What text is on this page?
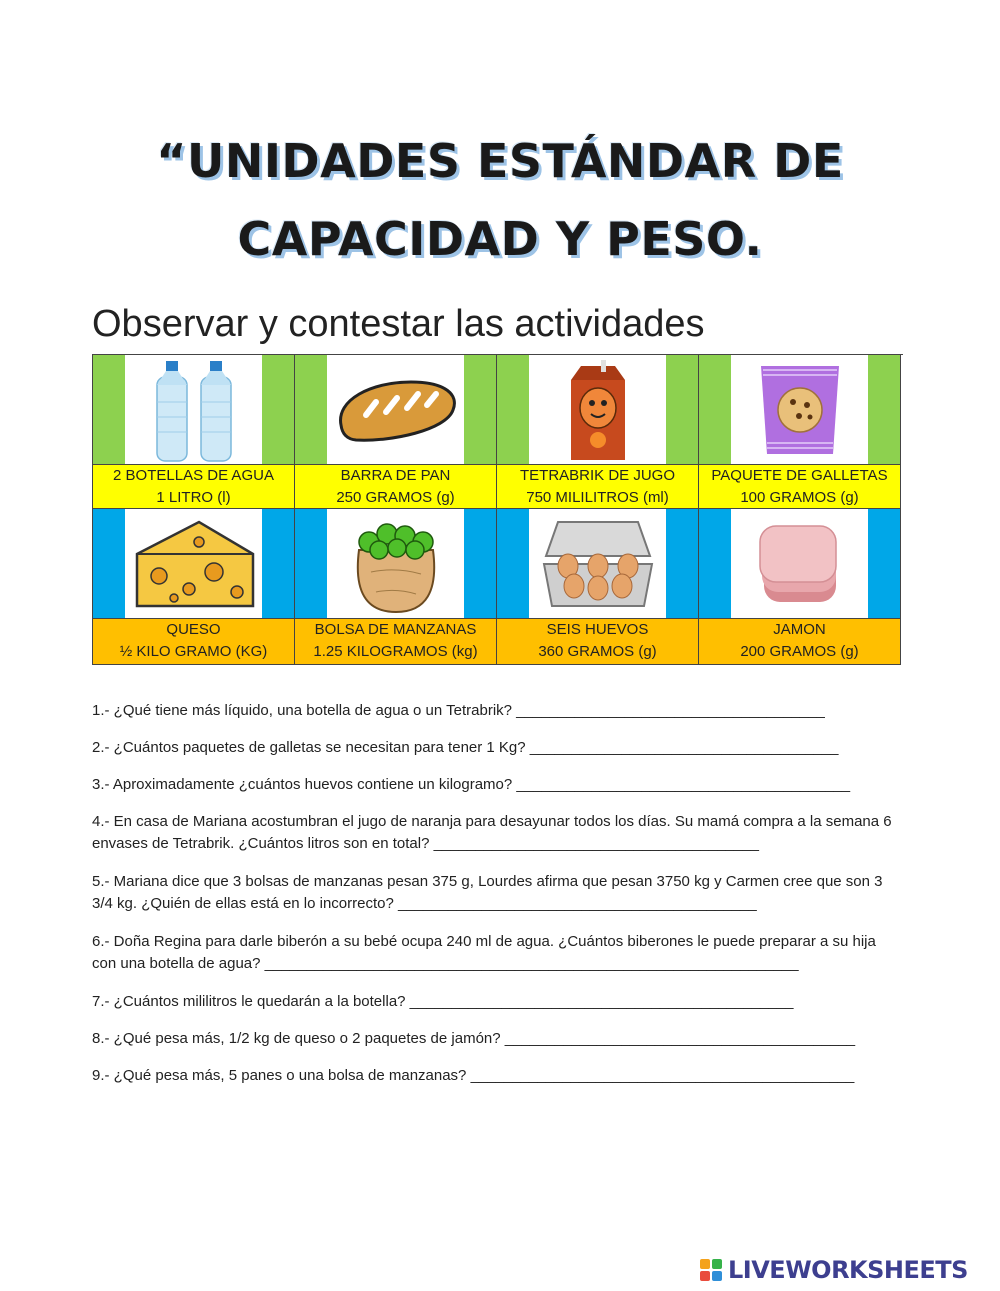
“UNIDADES ESTÁNDAR DE
CAPACIDAD Y PESO.
Observar y contestar las actividades
2 BOTELLAS DE AGUA
1 LITRO (l)
BARRA DE PAN
250 GRAMOS (g)
TETRABRIK DE JUGO
750 MILILITROS (ml)
PAQUETE DE GALLETAS
100 GRAMOS (g)
QUESO
½ KILO GRAMO (KG)
BOLSA DE MANZANAS
1.25 KILOGRAMOS (kg)
SEIS HUEVOS
360 GRAMOS (g)
JAMON
200 GRAMOS (g)
1.- ¿Qué tiene más líquido, una botella de agua o un Tetrabrik? _____________________________________
2.- ¿Cuántos paquetes de galletas se necesitan para tener 1 Kg? _____________________________________
3.- Aproximadamente ¿cuántos huevos contiene un kilogramo? ________________________________________
4.- En casa de Mariana acostumbran el jugo de naranja para desayunar todos los días. Su mamá compra a la semana 6 envases de Tetrabrik. ¿Cuántos litros son en total? _______________________________________
5.- Mariana dice que 3 bolsas de manzanas pesan 375 g, Lourdes afirma que pesan 3750 kg y Carmen cree que son 3 3/4 kg. ¿Quién de ellas está en lo incorrecto? ___________________________________________
6.- Doña Regina para darle biberón a su bebé ocupa 240 ml de agua. ¿Cuántos biberones le puede preparar a su hija con una botella de agua? ________________________________________________________________
7.- ¿Cuántos mililitros le quedarán a la botella? ______________________________________________
8.- ¿Qué pesa más, 1/2 kg de queso o 2 paquetes de jamón? __________________________________________
9.- ¿Qué pesa más, 5 panes o una bolsa de manzanas? ______________________________________________
LIVEWORKSHEETS
